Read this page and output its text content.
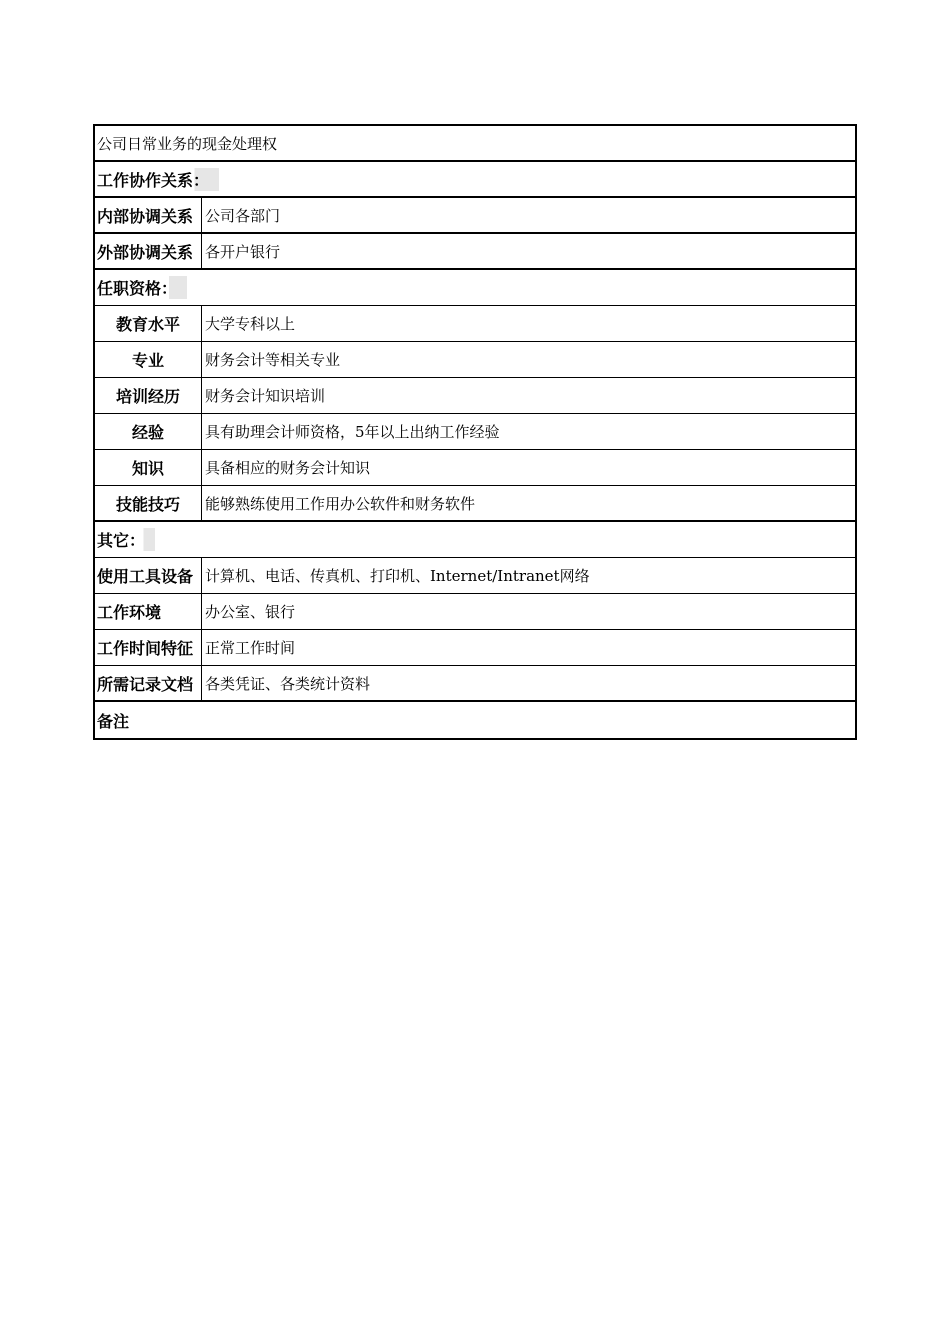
公司日常业务的现金处理权
工作协作关系：
内部协调关系 公司各部门
外部协调关系 各开户银行
任职资格：
教育水平	大学专科以上
专业	财务会计等相关专业
培训经历	财务会计知识培训
经验	具有助理会计师资格，5年以上出纳工作经验
知识	具备相应的财务会计知识
技能技巧	能够熟练使用工作用办公软件和财务软件
其它：
使用工具设备 计算机、电话、传真机、打印机、Internet/Intranet网络
工作环境	办公室、银行
工作时间特征 正常工作时间
所需记录文档 各类凭证、各类统计资料
备注
